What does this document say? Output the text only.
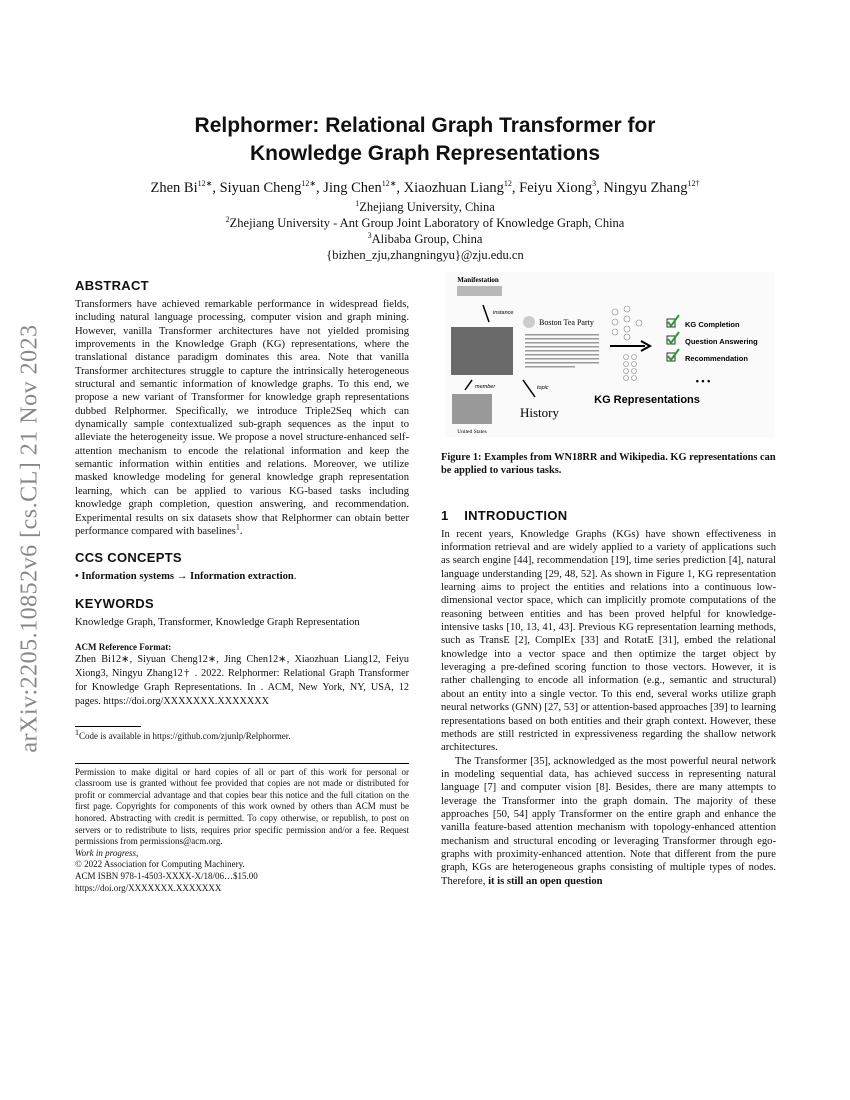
arXiv:2205.10852v6 [cs.CL] 21 Nov 2023
Relphormer: Relational Graph Transformer for
Knowledge Graph Representations
Zhen $Bi^{12∗}$, Siyuan Cheng$^{12∗}$, Jing Chen$^{12∗}$, Xiaozhuan Liang$^{12}$, Feiyu Xiong$^3$, Ningyu Zhang$^{12\dagger}$
$^1$Zhejiang University, China
$^2$Zhejiang University - Ant Group Joint Laboratory of Knowledge Graph, China
$^3$Alibaba Group, China
{bizhen_zju,zhangningyu}@zju.edu.cn
ABSTRACT
Transformers have achieved remarkable performance in widespread fields, including natural language processing, computer vision and graph mining. However, vanilla Transformer architectures have not yielded promising improvements in the Knowledge Graph (KG) representations, where the translational distance paradigm dominates this area. Note that vanilla Transformer architectures struggle to capture the intrinsically heterogeneous structural and semantic information of knowledge graphs. To this end, we propose a new variant of Transformer for knowledge graph representations dubbed Relphormer. Specifically, we introduce Triple2Seq which can dynamically sample contextualized sub-graph sequences as the input to alleviate the heterogeneity issue. We propose a novel structure-enhanced self-attention mechanism to encode the relational information and keep the semantic information within entities and relations. Moreover, we utilize masked knowledge modeling for general knowledge graph representation learning, which can be applied to various KG-based tasks including knowledge graph completion, question answering, and recommendation. Experimental results on six datasets show that Relphormer can obtain better performance compared with baselines$^1$.
CCS CONCEPTS
• Information systems → Information extraction.
KEYWORDS
Knowledge Graph, Transformer, Knowledge Graph Representation
ACM Reference Format:
Zhen Bi12∗, Siyuan Cheng12∗, Jing Chen12∗, Xiaozhuan Liang12, Feiyu Xiong3, Ningyu Zhang12† . 2022. Relphormer: Relational Graph Transformer for Knowledge Graph Representations. In . ACM, New York, NY, USA, 12 pages. https://doi.org/XXXXXXX.XXXXXXX
$^1$Code is available in https://github.com/zjunlp/Relphormer.
Permission to make digital or hard copies of all or part of this work for personal or classroom use is granted without fee provided that copies are not made or distributed for profit or commercial advantage and that copies bear this notice and the full citation on the first page. Copyrights for components of this work owned by others than ACM must be honored. Abstracting with credit is permitted. To copy otherwise, or republish, to post on servers or to redistribute to lists, requires prior specific permission and/or a fee. Request permissions from permissions@acm.org.
Work in progress,
© 2022 Association for Computing Machinery.
ACM ISBN 978-1-4503-XXXX-X/18/06…$15.00
https://doi.org/XXXXXXX.XXXXXXX
Manifestation
instance
Boston Tea Party	KG Completion
Question Answering
Recommendation
• • •
KG Representations
member	topic
United States
History
Figure 1: Examples from WN18RR and Wikipedia. KG representations can be applied to various tasks.
1 INTRODUCTION
In recent years, Knowledge Graphs (KGs) have shown effectiveness in information retrieval and are widely applied to a variety of applications such as search engine [44], recommendation [19], time series prediction [4], natural language understanding [29, 48, 52]. As shown in Figure 1, KG representation learning aims to project the entities and relations into a continuous low-dimensional vector space, which can implicitly promote computations of the reasoning between entities and has been proved helpful for knowledge-intensive tasks [10, 13, 41, 43]. Previous KG representation learning methods, such as TransE [2], ComplEx [33] and RotatE [31], embed the relational knowledge into a vector space and then optimize the target object by leveraging a pre-defined scoring function to those vectors. However, it is rather challenging to encode all information (e.g., semantic and structural) about an entity into a single vector. To this end, several works utilize graph neural networks (GNN) [27, 53] or attention-based approaches [39] to learning representations based on both entities and their graph context. However, these methods are still restricted in expressiveness regarding the shallow network architectures.
The Transformer [35], acknowledged as the most powerful neural network in modeling sequential data, has achieved success in representing natural language [7] and computer vision [8]. Besides, there are many attempts to leverage the Transformer into the graph domain. The majority of these approaches [50, 54] apply Transformer on the entire graph and enhance the vanilla feature-based attention mechanism with topology-enhanced attention mechanism and structural encoding or leveraging Transformer through ego-graphs with proximity-enhanced attention. Note that different from the pure graph, KGs are heterogeneous graphs consisting of multiple types of nodes. Therefore, it is still an open question
